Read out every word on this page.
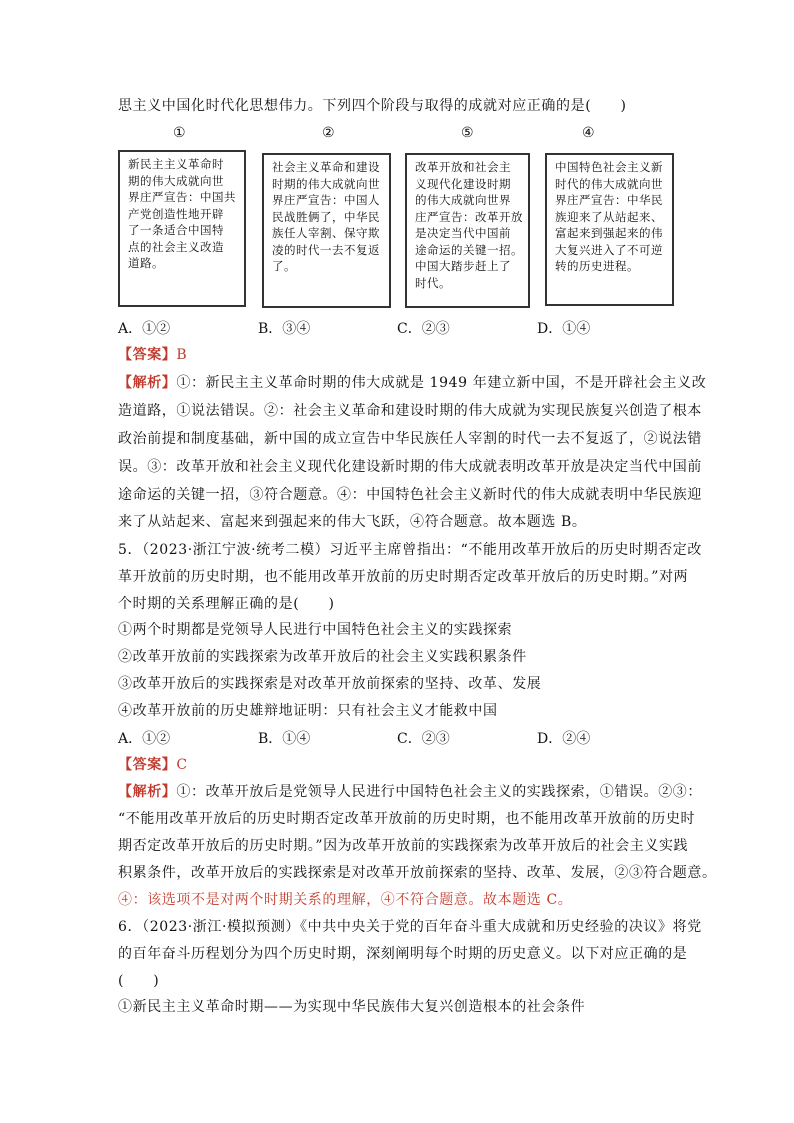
思主义中国化时代化思想伟力。下列四个阶段与取得的成就对应正确的是(　　)
①	②	⑤	④
新民主主义革命时
期的伟大成就向世
界庄严宣告：中国共
产党创造性地开辟
了一条适合中国特
点的社会主义改造
道路。
社会主义革命和建设
时期的伟大成就向世
界庄严宣告：中国人
民战胜俩了，中华民
族任人宰割、保守欺
凌的时代一去不复返
了。
改革开放和社会主
义现代化建设时期
的伟大成就向世界
庄严宣告：改革开放
是决定当代中国前
途命运的关键一招。
中国大踏步赶上了
时代。
中国特色社会主义新
时代的伟大成就向世
界庄严宣告：中华民
族迎来了从站起来、
富起来到强起来的伟
大复兴进入了不可逆
转的历史进程。
A．①②	B．③④	C．②③	D．①④
【答案】B
【解析】①：新民主主义革命时期的伟大成就是 1949 年建立新中国，不是开辟社会主义改
造道路，①说法错误。②：社会主义革命和建设时期的伟大成就为实现民族复兴创造了根本
政治前提和制度基础，新中国的成立宣告中华民族任人宰割的时代一去不复返了，②说法错
误。③：改革开放和社会主义现代化建设新时期的伟大成就表明改革开放是决定当代中国前
途命运的关键一招，③符合题意。④：中国特色社会主义新时代的伟大成就表明中华民族迎
来了从站起来、富起来到强起来的伟大飞跃，④符合题意。故本题选 B。
5．（2023·浙江宁波·统考二模）习近平主席曾指出：“不能用改革开放后的历史时期否定改
革开放前的历史时期，也不能用改革开放前的历史时期否定改革开放后的历史时期。”对两
个时期的关系理解正确的是(　　)
①两个时期都是党领导人民进行中国特色社会主义的实践探索
②改革开放前的实践探索为改革开放后的社会主义实践积累条件
③改革开放后的实践探索是对改革开放前探索的坚持、改革、发展
④改革开放前的历史雄辩地证明：只有社会主义才能救中国
A．①②	B．①④	C．②③	D．②④
【答案】C
【解析】①：改革开放后是党领导人民进行中国特色社会主义的实践探索，①错误。②③：
“不能用改革开放后的历史时期否定改革开放前的历史时期，也不能用改革开放前的历史时
期否定改革开放后的历史时期。”因为改革开放前的实践探索为改革开放后的社会主义实践
积累条件，改革开放后的实践探索是对改革开放前探索的坚持、改革、发展，②③符合题意。
④：该选项不是对两个时期关系的理解，④不符合题意。故本题选 C。
6．（2023·浙江·模拟预测）《中共中央关于党的百年奋斗重大成就和历史经验的决议》将党
的百年奋斗历程划分为四个历史时期，深刻阐明每个时期的历史意义。以下对应正确的是
(　　)
①新民主主义革命时期——为实现中华民族伟大复兴创造根本的社会条件
